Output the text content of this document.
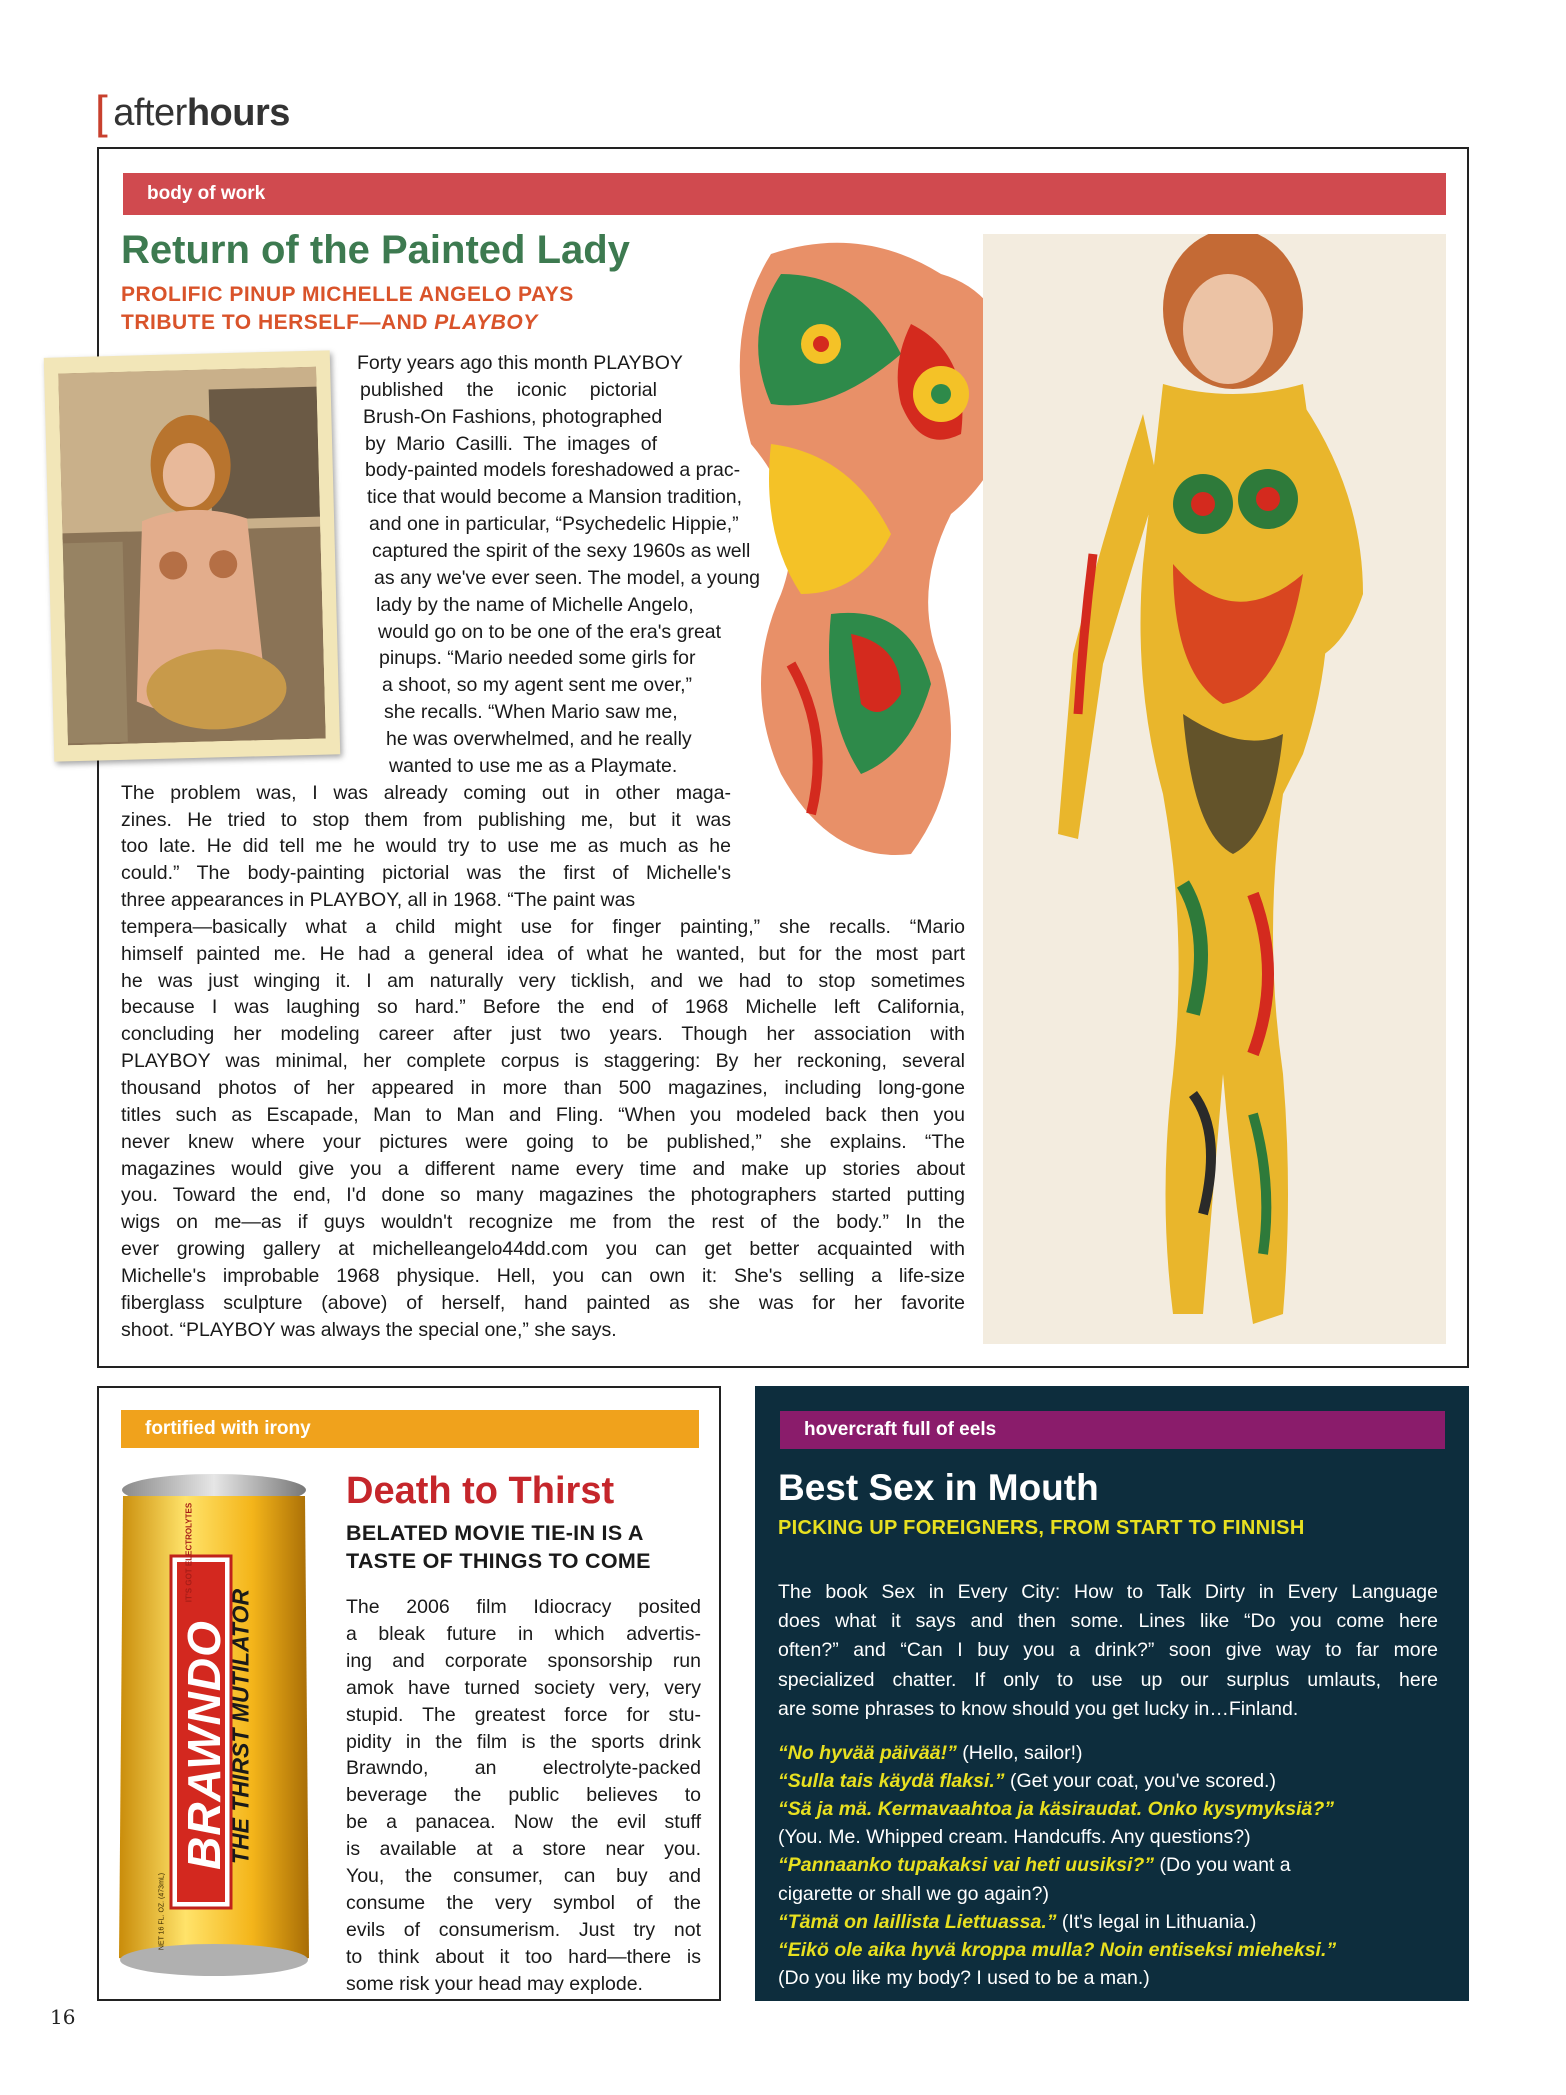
[ afterhours
body of work
Return of the Painted Lady
PROLIFIC PINUP MICHELLE ANGELO PAYS
TRIBUTE TO HERSELF—AND PLAYBOY
Forty years ago this month PLAYBOY
published the iconic pictorial
Brush-On Fashions, photographed
by Mario Casilli. The images of
body-painted models foreshadowed a prac-
tice that would become a Mansion tradition,
and one in particular, “Psychedelic Hippie,”
captured the spirit of the sexy 1960s as well
as any we've ever seen. The model, a young
lady by the name of Michelle Angelo,
would go on to be one of the era's great
pinups. “Mario needed some girls for
a shoot, so my agent sent me over,”
she recalls. “When Mario saw me,
he was overwhelmed, and he really
wanted to use me as a Playmate.
The problem was, I was already coming out in other maga-
zines. He tried to stop them from publishing me, but it was
too late. He did tell me he would try to use me as much as he
could.” The body-painting pictorial was the first of Michelle's
three appearances in PLAYBOY, all in 1968. “The paint was
tempera—basically what a child might use for finger painting,” she recalls. “Mario
himself painted me. He had a general idea of what he wanted, but for the most part
he was just winging it. I am naturally very ticklish, and we had to stop sometimes
because I was laughing so hard.” Before the end of 1968 Michelle left California,
concluding her modeling career after just two years. Though her association with
PLAYBOY was minimal, her complete corpus is staggering: By her reckoning, several
thousand photos of her appeared in more than 500 magazines, including long-gone
titles such as Escapade, Man to Man and Fling. “When you modeled back then you
never knew where your pictures were going to be published,” she explains. “The
magazines would give you a different name every time and make up stories about
you. Toward the end, I'd done so many magazines the photographers started putting
wigs on me—as if guys wouldn't recognize me from the rest of the body.” In the
ever growing gallery at michelleangelo44dd.com you can get better acquainted with
Michelle's improbable 1968 physique. Hell, you can own it: She's selling a life-size
fiberglass sculpture (above) of herself, hand painted as she was for her favorite
shoot. “PLAYBOY was always the special one,” she says.
fortified with irony
BRAWNDO
THE THIRST MUTILATOR
IT'S GOT ELECTROLYTES
NET 16 FL. OZ. (473mL)
Death to Thirst
BELATED MOVIE TIE-IN IS A
TASTE OF THINGS TO COME
The 2006 film Idiocracy posited
a bleak future in which advertis-
ing and corporate sponsorship run
amok have turned society very, very
stupid. The greatest force for stu-
pidity in the film is the sports drink
Brawndo, an electrolyte-packed
beverage the public believes to
be a panacea. Now the evil stuff
is available at a store near you.
You, the consumer, can buy and
consume the very symbol of the
evils of consumerism. Just try not
to think about it too hard—there is
some risk your head may explode.
hovercraft full of eels
Best Sex in Mouth
PICKING UP FOREIGNERS, FROM START TO FINNISH
The book Sex in Every City: How to Talk Dirty in Every Language
does what it says and then some. Lines like “Do you come here
often?” and “Can I buy you a drink?” soon give way to far more
specialized chatter. If only to use up our surplus umlauts, here
are some phrases to know should you get lucky in…Finland.
“No hyvää päivää!” (Hello, sailor!)
“Sulla tais käydä flaksi.” (Get your coat, you've scored.)
“Sä ja mä. Kermavaahtoa ja käsiraudat. Onko kysymyksiä?”
(You. Me. Whipped cream. Handcuffs. Any questions?)
“Pannaanko tupakaksi vai heti uusiksi?” (Do you want a
cigarette or shall we go again?)
“Tämä on laillista Liettuassa.” (It's legal in Lithuania.)
“Eikö ole aika hyvä kroppa mulla? Noin entiseksi mieheksi.”
(Do you like my body? I used to be a man.)
16
